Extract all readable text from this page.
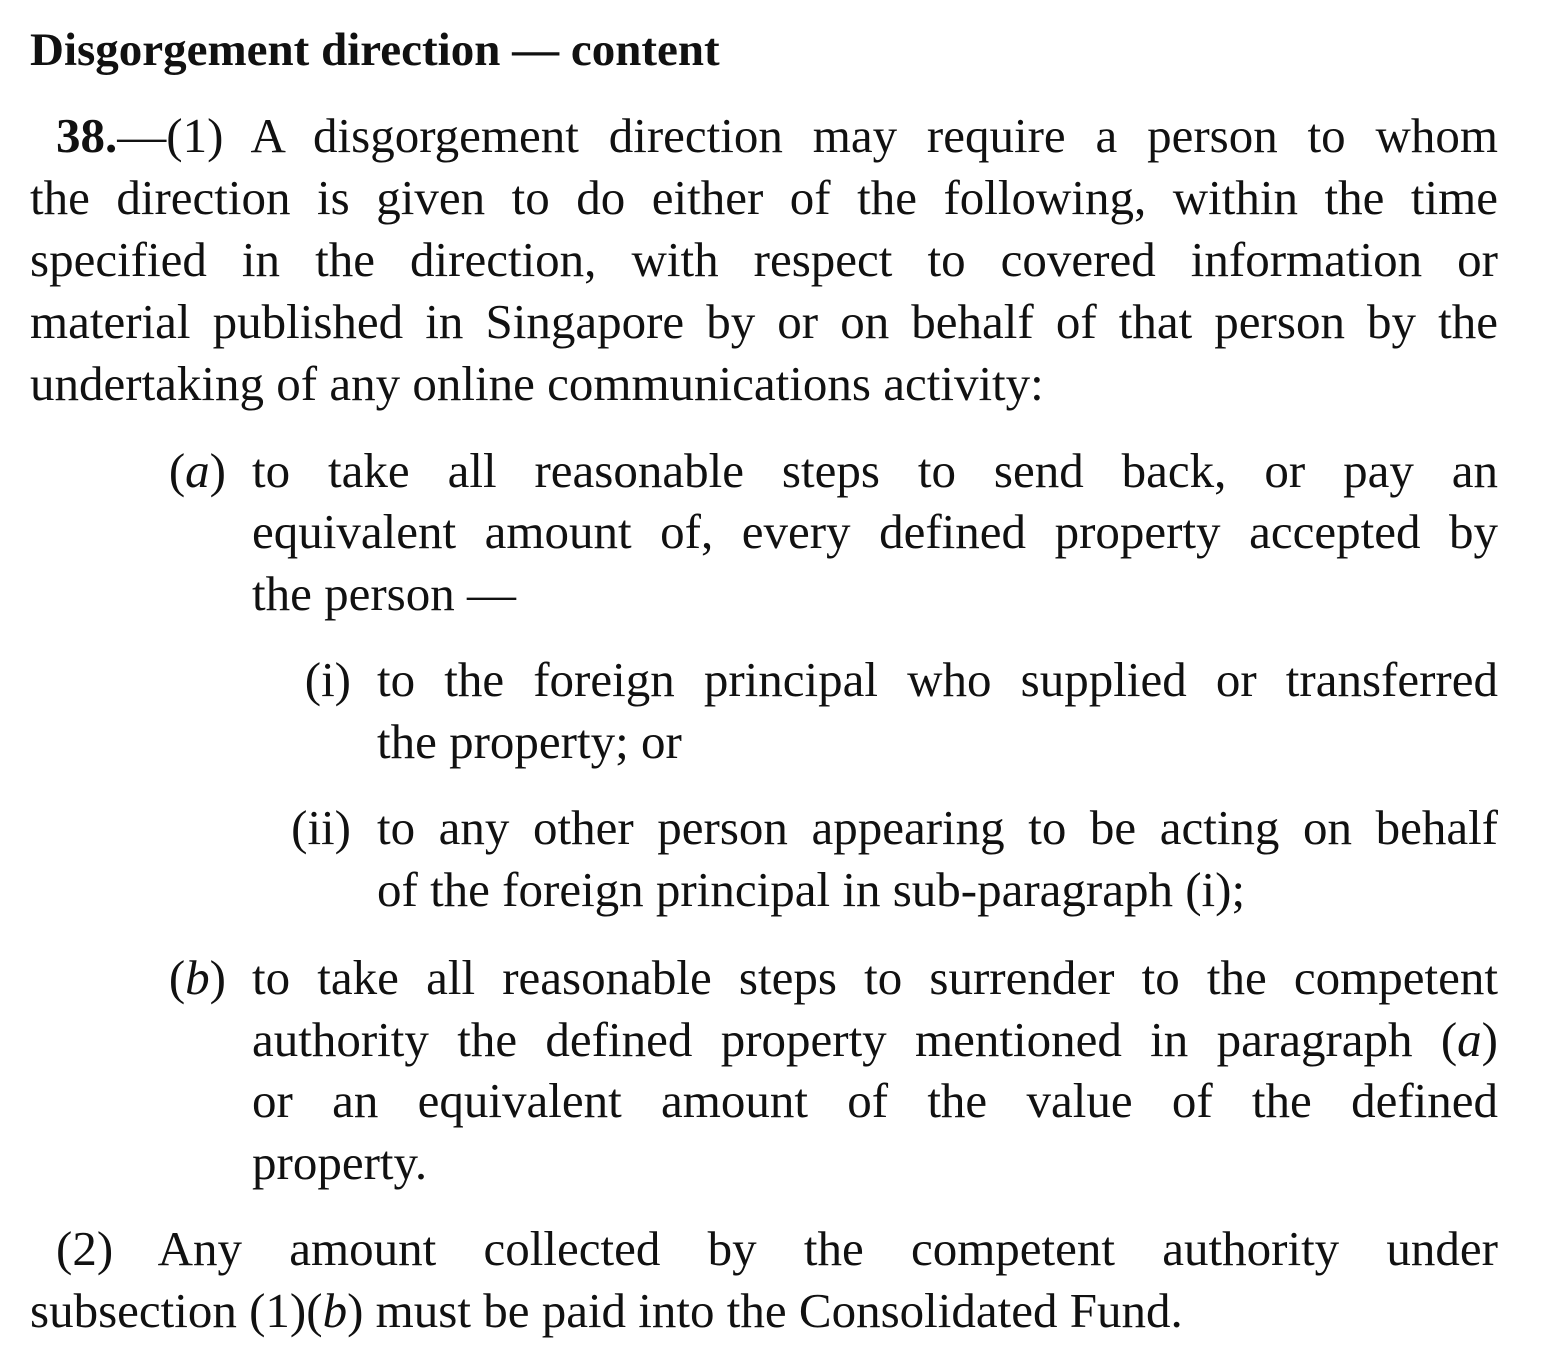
Disgorgement direction — content
38.—(1) A disgorgement direction may require a person to whom
the direction is given to do either of the following, within the time
specified in the direction, with respect to covered information or
material published in Singapore by or on behalf of that person by the
undertaking of any online communications activity:
(a) to take all reasonable steps to send back, or pay an
equivalent amount of, every defined property accepted by
the person —
(i) to the foreign principal who supplied or transferred
the property; or
(ii) to any other person appearing to be acting on behalf
of the foreign principal in sub-paragraph (i);
(b) to take all reasonable steps to surrender to the competent
authority the defined property mentioned in paragraph (a)
or an equivalent amount of the value of the defined
property.
(2) Any amount collected by the competent authority under
subsection (1)(b) must be paid into the Consolidated Fund.
